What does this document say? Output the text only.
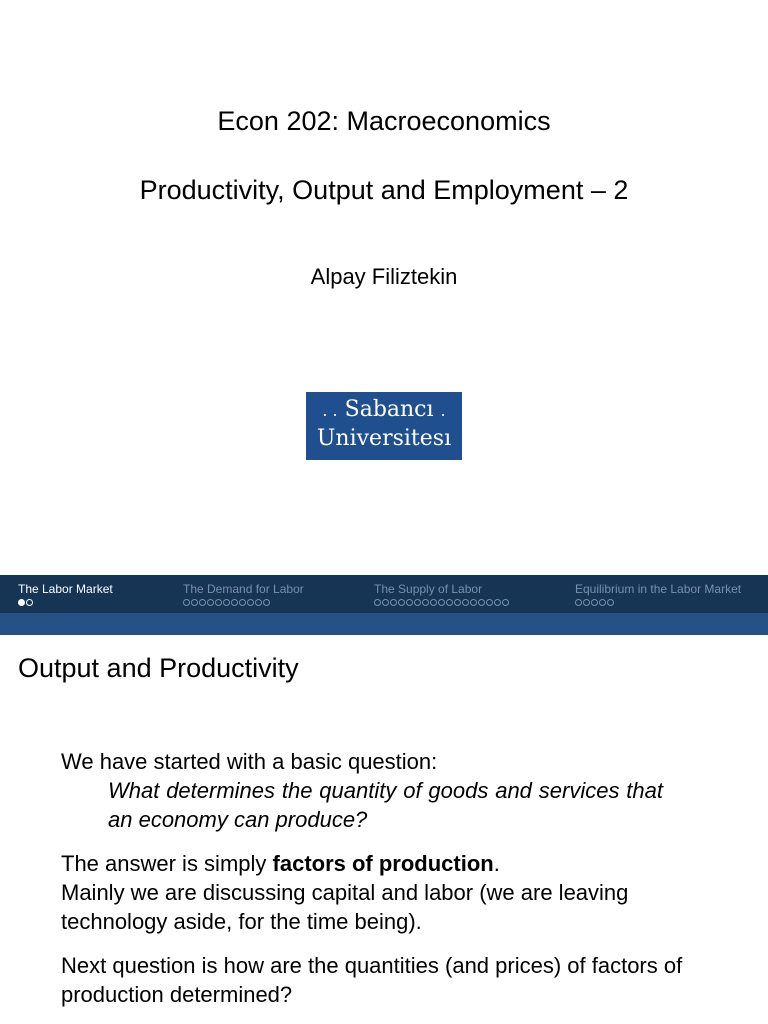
Econ 202: Macroeconomics
Productivity, Output and Employment – 2
Alpay Filiztekin
. . Sabancı .
Universitesı
The Labor Market	The Demand for Labor	The Supply of Labor	Equilibrium in the Labor Market
Output and Productivity

We have started with a basic question:

What determines the quantity of goods and services that an economy can produce?

The answer is simply factors of production.

Mainly we are discussing capital and labor (we are leaving technology aside, for the time being).

Next question is how are the quantities (and prices) of factors of production determined?
